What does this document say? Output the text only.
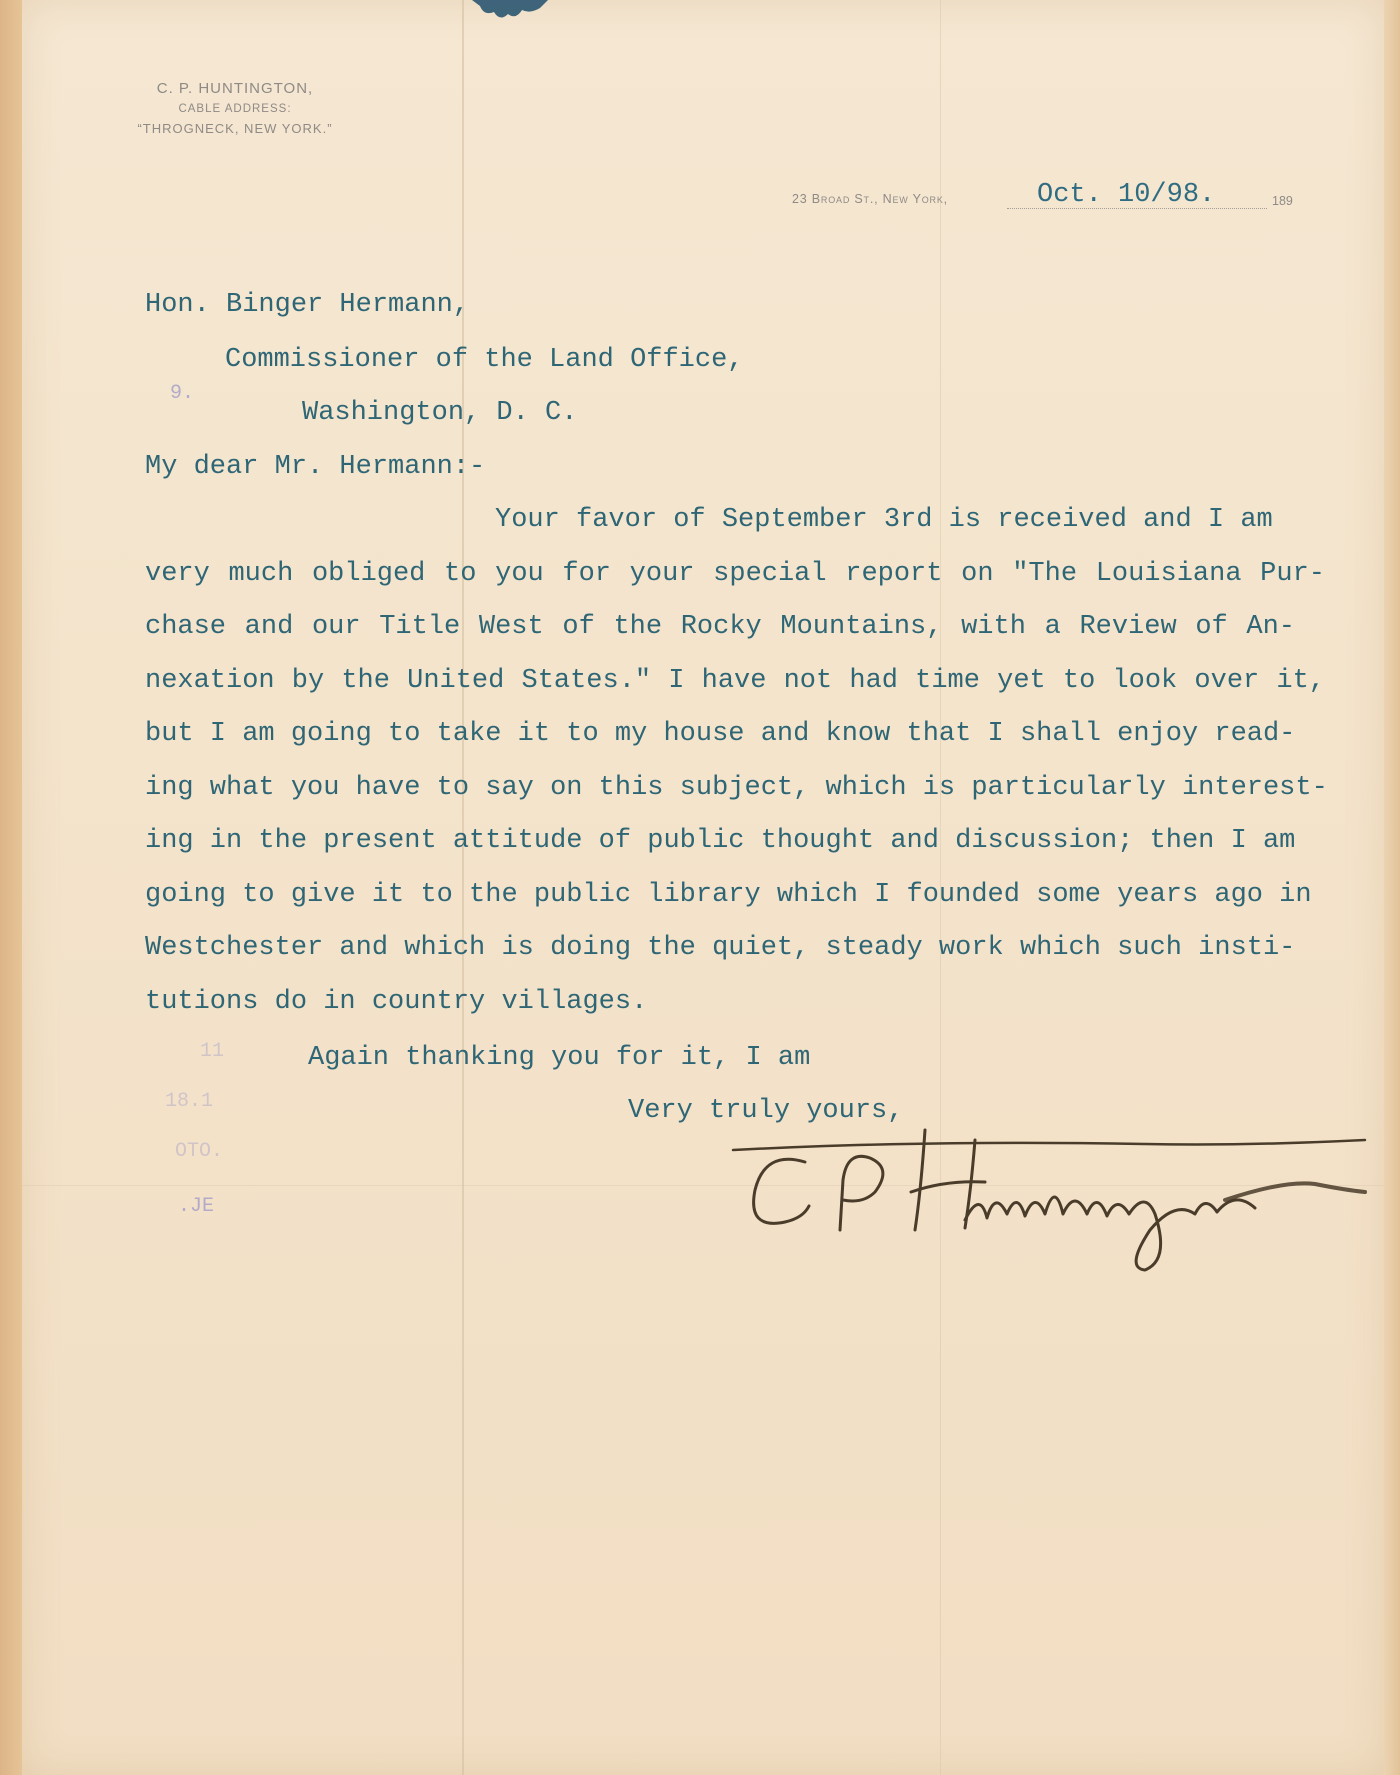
C. P. HUNTINGTON,
CABLE ADDRESS:
“THROGNECK, NEW YORK.”
23 Broad St., New York,	Oct. 10/98.	189
Hon. Binger Hermann,
Commissioner of the Land Office,
Washington, D. C.
My dear Mr. Hermann:-
Your favor of September 3rd is received and I am
very much obliged to you for your special report on "The Louisiana Pur-
chase and our Title West of the Rocky Mountains, with a Review of An-
nexation by the United States." I have not had time yet to look over it,
but I am going to take it to my house and know that I shall enjoy read-
ing what you have to say on this subject, which is particularly interest-
ing in the present attitude of public thought and discussion; then I am
going to give it to the public library which I founded some years ago in
Westchester and which is doing the quiet, steady work which such insti-
tutions do in country villages.
Again thanking you for it, I am
Very truly yours,
9.
11
18.1
OTO.
.JE
